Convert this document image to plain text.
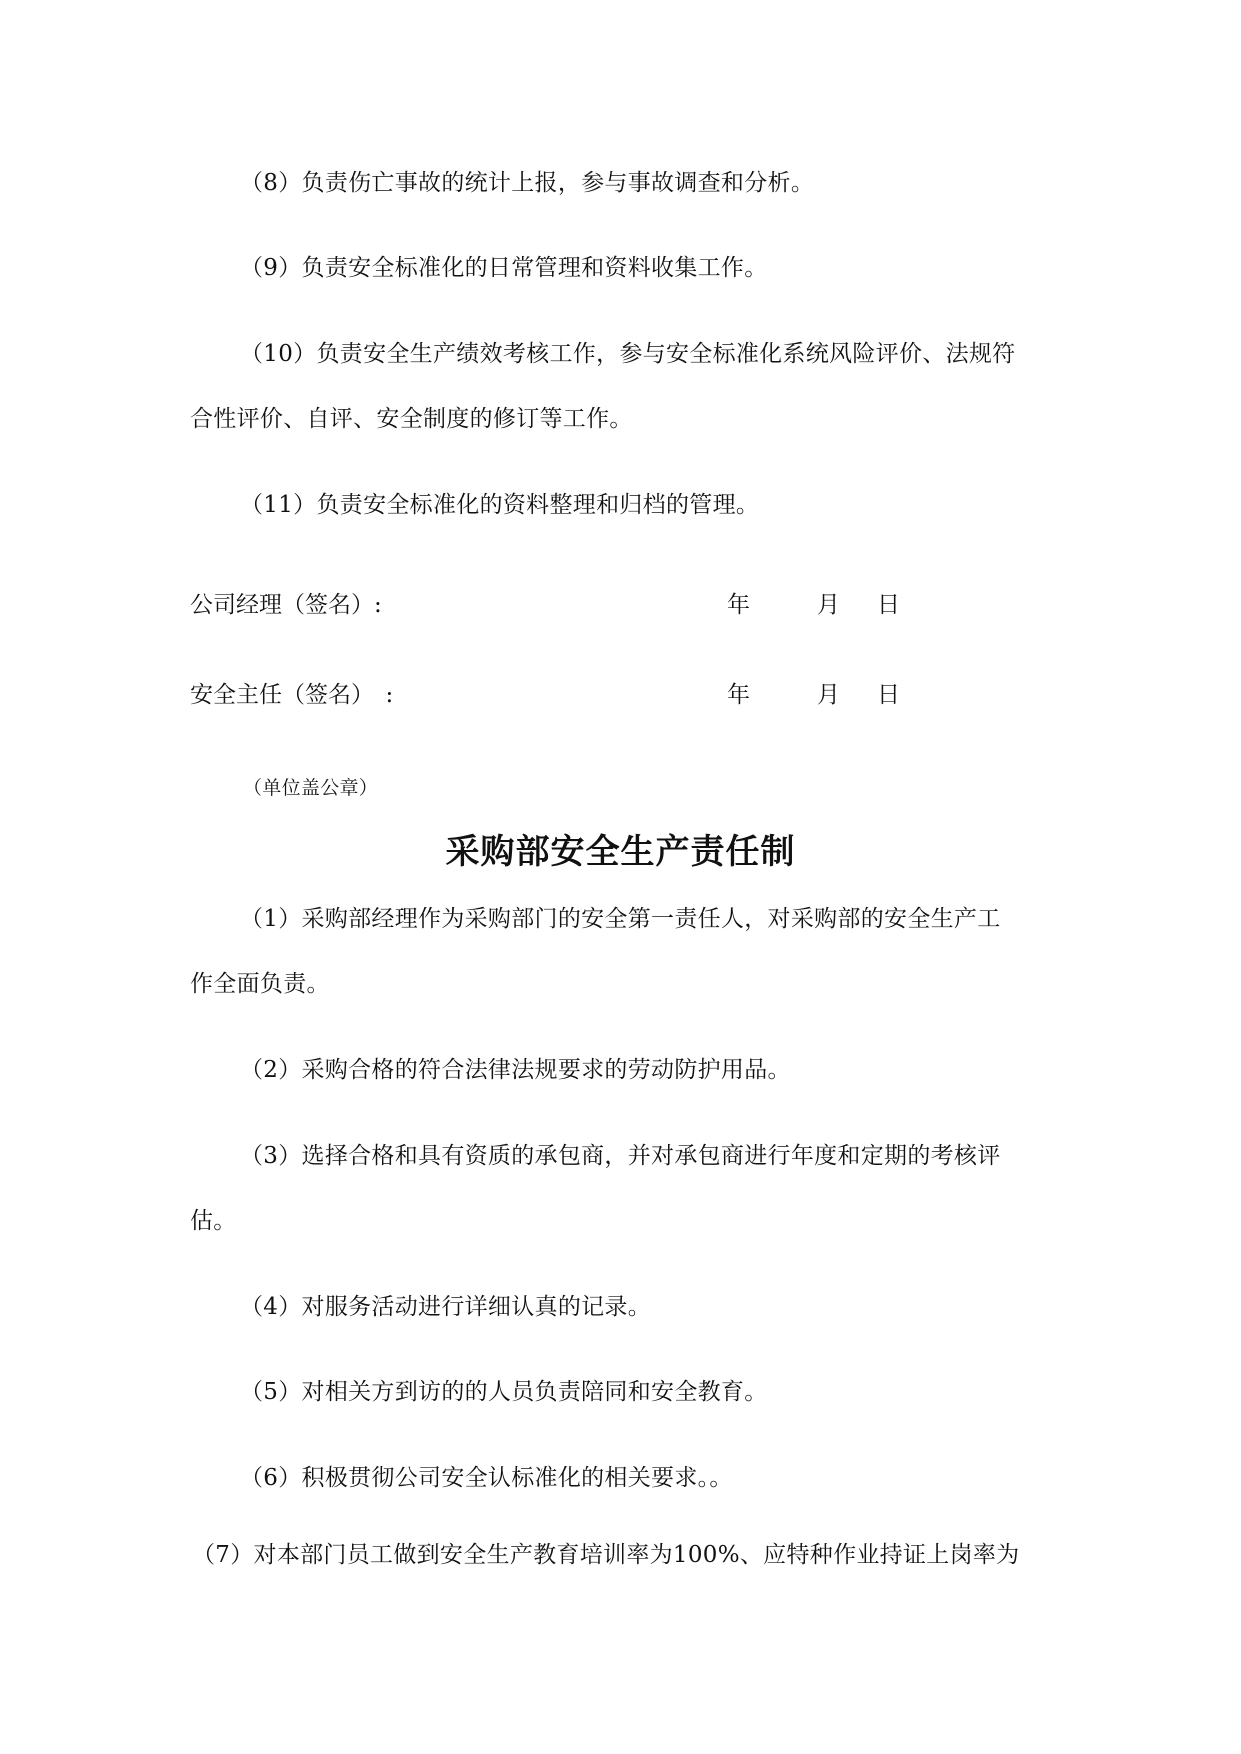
（8）负责伤亡事故的统计上报，参与事故调查和分析。
（9）负责安全标准化的日常管理和资料收集工作。
（10）负责安全生产绩效考核工作，参与安全标准化系统风险评价、法规符
合性评价、自评、安全制度的修订等工作。
（11）负责安全标准化的资料整理和归档的管理。
公司经理（签名）:	年	月 日
安全主任（签名）　:	年	月 日
（单位盖公章）
采购部安全生产责任制
（1）采购部经理作为采购部门的安全第一责任人，对采购部的安全生产工
作全面负责。
（2）采购合格的符合法律法规要求的劳动防护用品。
（3）选择合格和具有资质的承包商，并对承包商进行年度和定期的考核评
估。
（4）对服务活动进行详细认真的记录。
（5）对相关方到访的的人员负责陪同和安全教育。
（6）积极贯彻公司安全认标准化的相关要求。。
（7）对本部门员工做到安全生产教育培训率为100%、应特种作业持证上岗率为
